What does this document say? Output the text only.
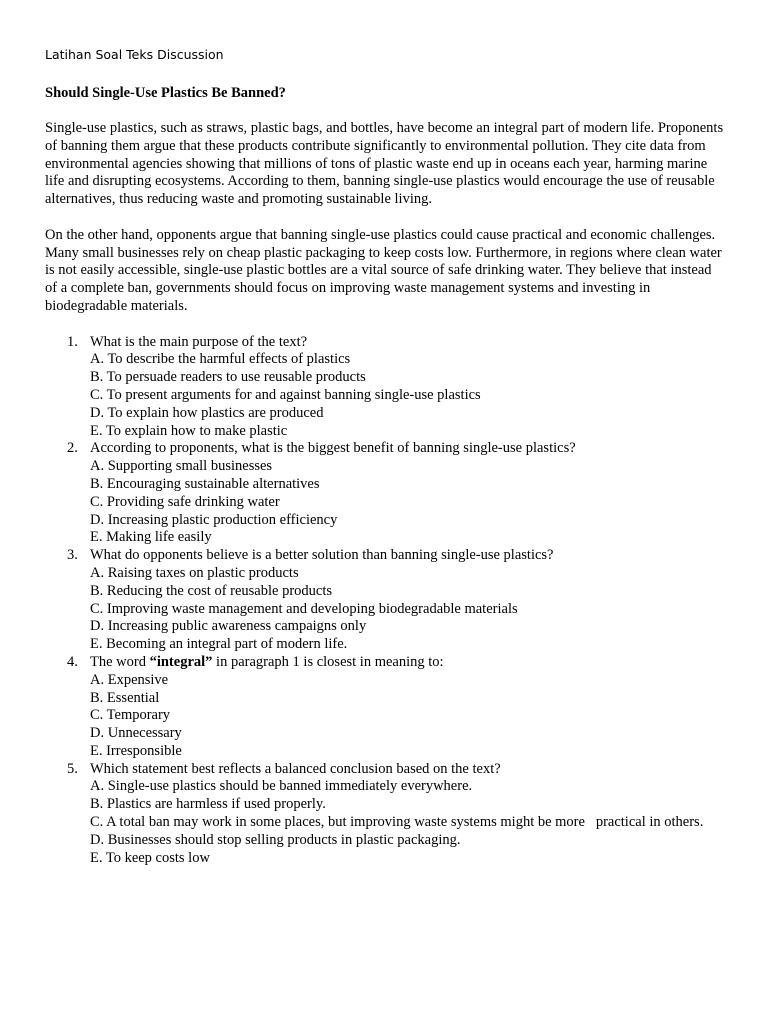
Latihan Soal Teks Discussion
Should Single-Use Plastics Be Banned?

Single-use plastics, such as straws, plastic bags, and bottles, have become an integral part of modern life. Proponents of banning them argue that these products contribute significantly to environmental pollution. They cite data from environmental agencies showing that millions of tons of plastic waste end up in oceans each year, harming marine life and disrupting ecosystems. According to them, banning single-use plastics would encourage the use of reusable alternatives, thus reducing waste and promoting sustainable living.

On the other hand, opponents argue that banning single-use plastics could cause practical and economic challenges. Many small businesses rely on cheap plastic packaging to keep costs low. Furthermore, in regions where clean water is not easily accessible, single-use plastic bottles are a vital source of safe drinking water. They believe that instead of a complete ban, governments should focus on improving waste management systems and investing in biodegradable materials.

1. What is the main purpose of the text?
A. To describe the harmful effects of plastics
B. To persuade readers to use reusable products
C. To present arguments for and against banning single-use plastics
D. To explain how plastics are produced
E. To explain how to make plastic
2. According to proponents, what is the biggest benefit of banning single-use plastics?
A. Supporting small businesses
B. Encouraging sustainable alternatives
C. Providing safe drinking water
D. Increasing plastic production efficiency
E. Making life easily
3. What do opponents believe is a better solution than banning single-use plastics?
A. Raising taxes on plastic products
B. Reducing the cost of reusable products
C. Improving waste management and developing biodegradable materials
D. Increasing public awareness campaigns only
E. Becoming an integral part of modern life.
4. The word “integral” in paragraph 1 is closest in meaning to:
A. Expensive
B. Essential
C. Temporary
D. Unnecessary
E. Irresponsible
5. Which statement best reflects a balanced conclusion based on the text?
A. Single-use plastics should be banned immediately everywhere.
B. Plastics are harmless if used properly.
C. A total ban may work in some places, but improving waste systems might be more   practical in others.
D. Businesses should stop selling products in plastic packaging.
E. To keep costs low
